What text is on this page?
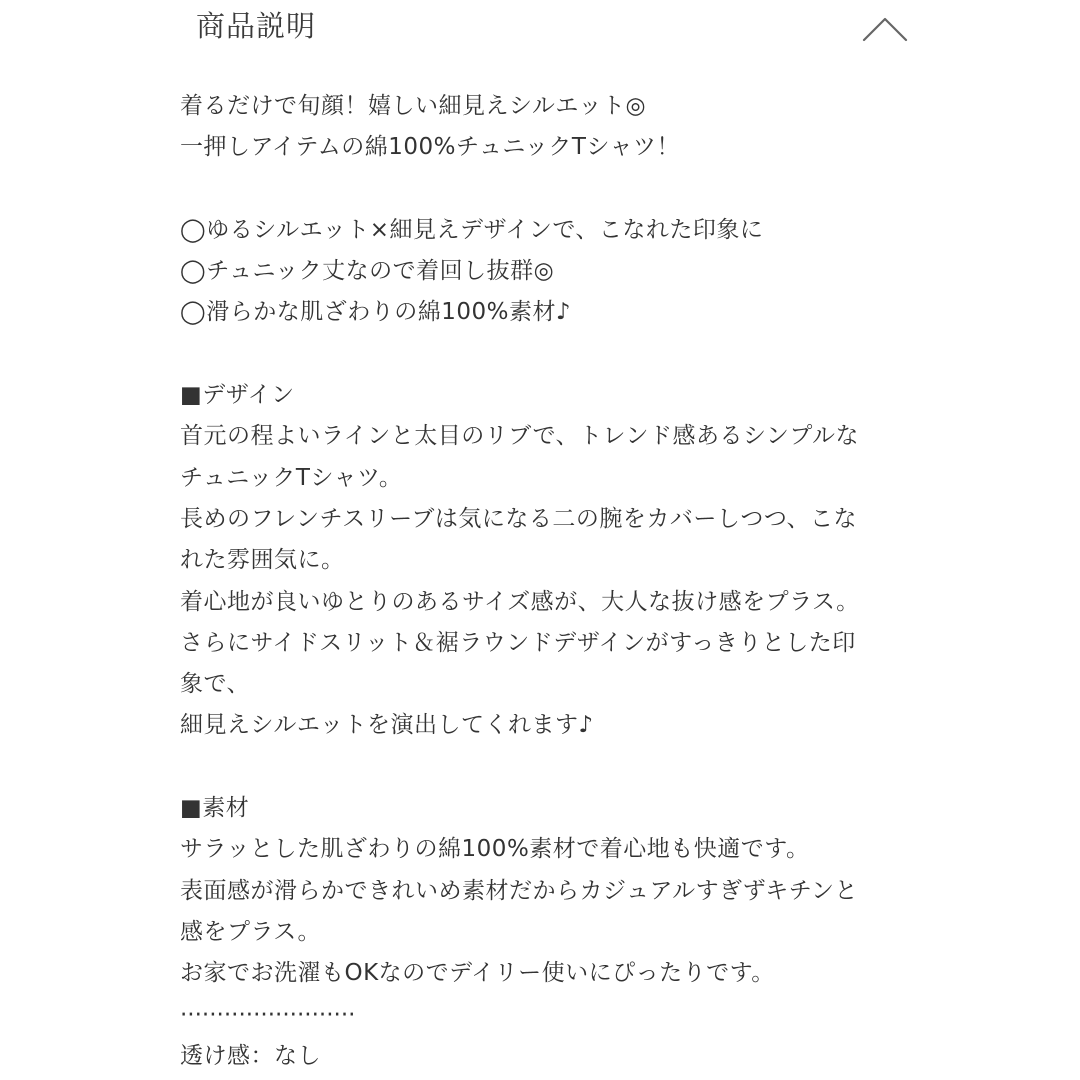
商品説明
着るだけで旬顔！嬉しい細見えシルエット◎
一押しアイテムの綿100%チュニックTシャツ！
◯ゆるシルエット×細見えデザインで、こなれた印象に
◯チュニック丈なので着回し抜群◎
◯滑らかな肌ざわりの綿100%素材♪
■デザイン
首元の程よいラインと太目のリブで、トレンド感あるシンプルな
チュニックTシャツ。
長めのフレンチスリーブは気になる二の腕をカバーしつつ、こな
れた雰囲気に。
着心地が良いゆとりのあるサイズ感が、大人な抜け感をプラス。
さらにサイドスリット＆裾ラウンドデザインがすっきりとした印
象で、
細見えシルエットを演出してくれます♪
■素材
サラッとした肌ざわりの綿100%素材で着心地も快適です。
表面感が滑らかできれいめ素材だからカジュアルすぎずキチンと
感をプラス。
お家でお洗濯もOKなのでデイリー使いにぴったりです。
························
透け感：なし
